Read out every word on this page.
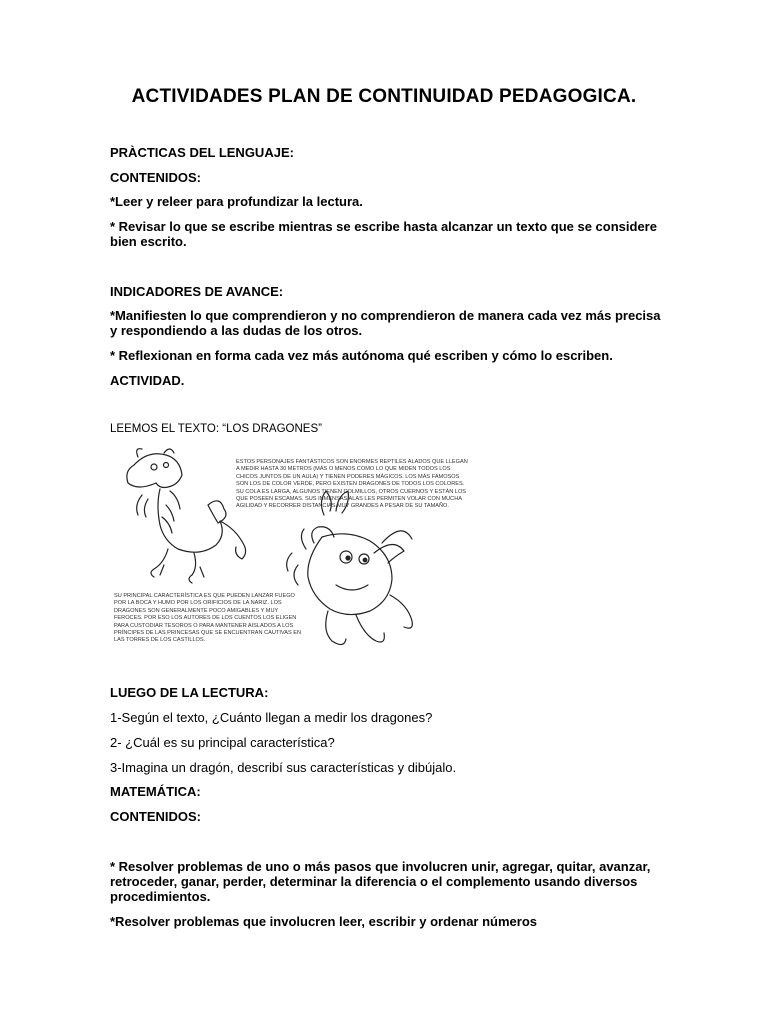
ACTIVIDADES PLAN DE CONTINUIDAD PEDAGOGICA.
PRÀCTICAS DEL LENGUAJE:
CONTENIDOS:
*Leer y releer para profundizar la lectura.
* Revisar lo que se escribe mientras se escribe hasta alcanzar un texto que se considere bien escrito.
INDICADORES DE AVANCE:
*Manifiesten lo que comprendieron y no comprendieron de manera cada vez más precisa y respondiendo a las dudas de los otros.
* Reflexionan en forma cada vez más autónoma qué escriben y cómo lo escriben.
ACTIVIDAD.
LEEMOS EL TEXTO: “LOS DRAGONES”
ESTOS PERSONAJES FANTÁSTICOS SON ENORMES REPTILES ALADOS QUE LLEGAN A MEDIR HASTA 30 METROS (MÁS O MENOS COMO LO QUE MIDEN TODOS LOS CHICOS JUNTOS DE UN AULA) Y TIENEN PODERES MÁGICOS. LOS MÁS FAMOSOS SON LOS DE COLOR VERDE, PERO EXISTEN DRAGONES DE TODOS LOS COLORES. SU COLA ES LARGA, ALGUNOS TIENEN COLMILLOS, OTROS CUERNOS Y ESTÁN LOS QUE POSEEN ESCAMAS. SUS INMENSAS ALAS LES PERMITEN VOLAR CON MUCHA AGILIDAD Y RECORRER DISTANCIAS MUY GRANDES A PESAR DE SU TAMAÑO.
SU PRINCIPAL CARACTERÍSTICA ES QUE PUEDEN LANZAR FUEGO POR LA BOCA Y HUMO POR LOS ORIFICIOS DE LA NARIZ. LOS DRAGONES SON GENERALMENTE POCO AMIGABLES Y MUY FEROCES. POR ESO LOS AUTORES DE LOS CUENTOS LOS ELIGEN PARA CUSTODIAR TESOROS O PARA MANTENER AISLADOS A LOS PRÍNCIPES DE LAS PRINCESAS QUE SE ENCUENTRAN CAUTIVAS EN LAS TORRES DE LOS CASTILLOS.
LUEGO DE LA LECTURA:
1-Según el texto, ¿Cuánto llegan a medir los dragones?
2- ¿Cuál es su principal característica?
3-Imagina un dragón, describí sus características y dibújalo.
MATEMÁTICA:
CONTENIDOS:
* Resolver problemas de uno o más pasos que involucren unir, agregar, quitar, avanzar, retroceder, ganar, perder, determinar la diferencia o el complemento usando diversos procedimientos.
*Resolver problemas que involucren leer, escribir y ordenar números
